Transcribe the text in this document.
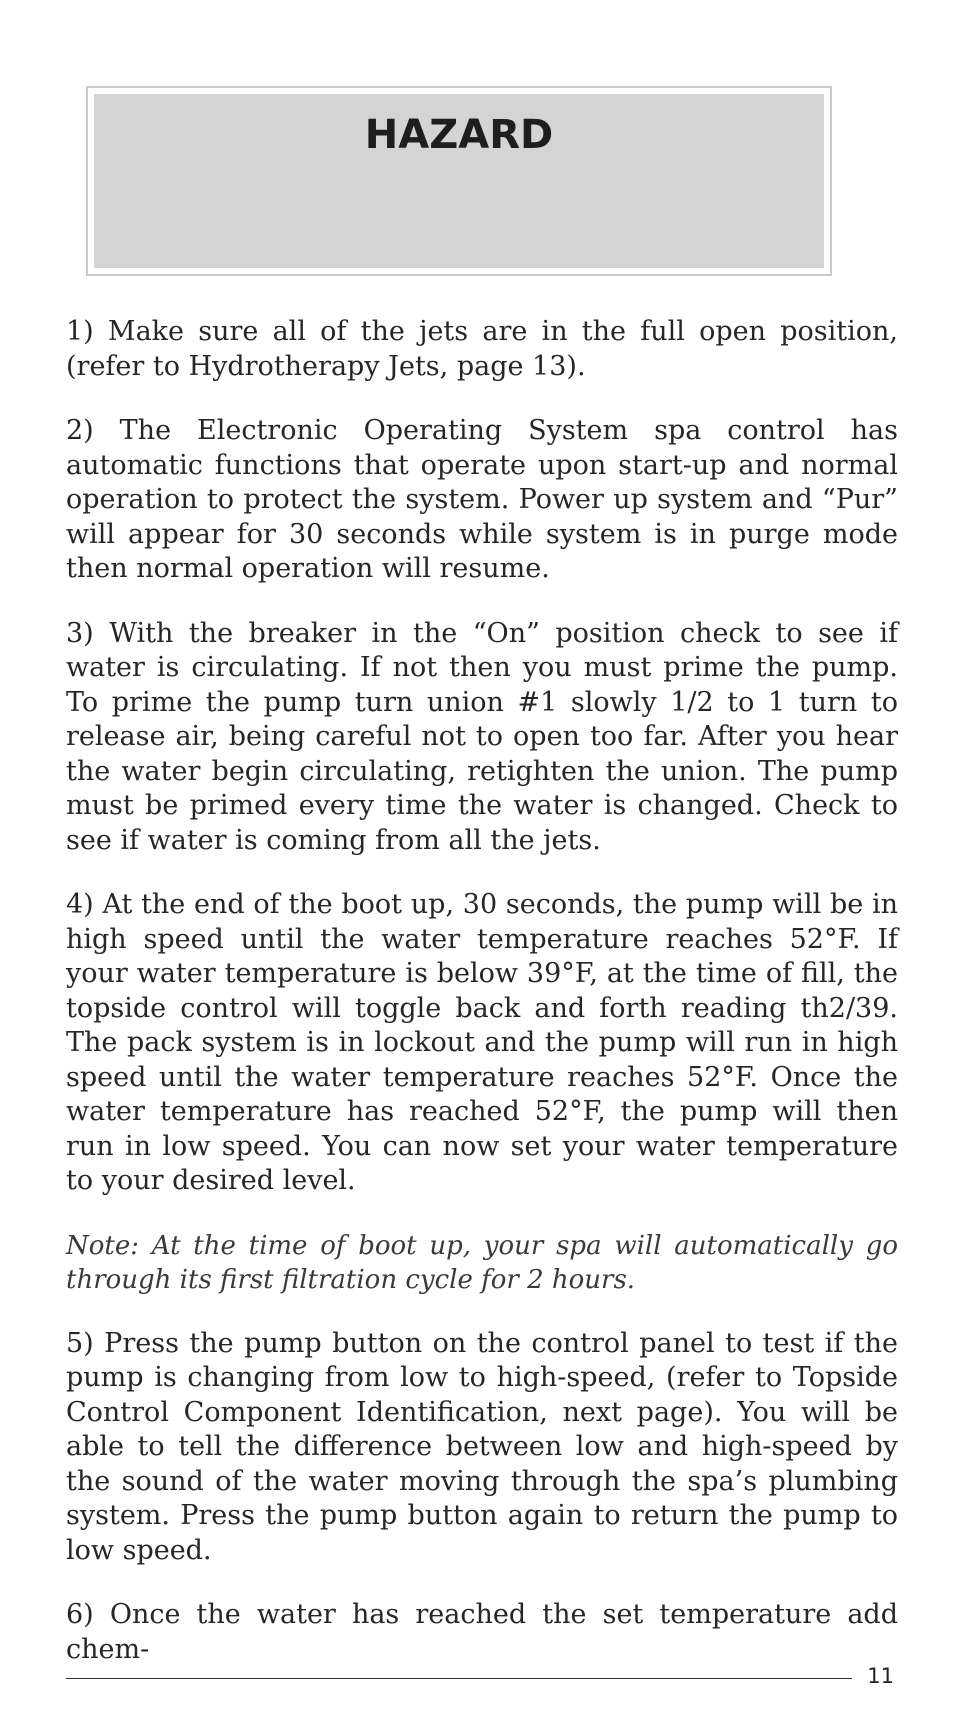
HAZARD

1) Make sure all of the jets are in the full open position, (refer to Hydrotherapy Jets, page 13).

2) The Electronic Operating System spa control has automatic functions that operate upon start-up and normal operation to protect the system. Power up system and “Pur” will appear for 30 seconds while system is in purge mode then normal operation will resume.

3) With the breaker in the “On” position check to see if water is circulating. If not then you must prime the pump. To prime the pump turn union #1 slowly 1/2 to 1 turn to release air, being careful not to open too far. After you hear the water begin circulating, retighten the union. The pump must be primed every time the water is changed. Check to see if water is coming from all the jets.

4) At the end of the boot up, 30 seconds, the pump will be in high speed until the water temperature reaches 52°F. If your water temperature is below 39°F, at the time of fill, the topside control will toggle back and forth reading th2/39. The pack system is in lockout and the pump will run in high speed until the water temperature reaches 52°F. Once the water temperature has reached 52°F, the pump will then run in low speed. You can now set your water temperature to your desired level.

Note: At the time of boot up, your spa will automatically go through its first filtration cycle for 2 hours.

5) Press the pump button on the control panel to test if the pump is changing from low to high-speed, (refer to Topside Control Component Identification, next page). You will be able to tell the difference between low and high-speed by the sound of the water moving through the spa’s plumbing system. Press the pump button again to return the pump to low speed.

6) Once the water has reached the set temperature add chem-

11
